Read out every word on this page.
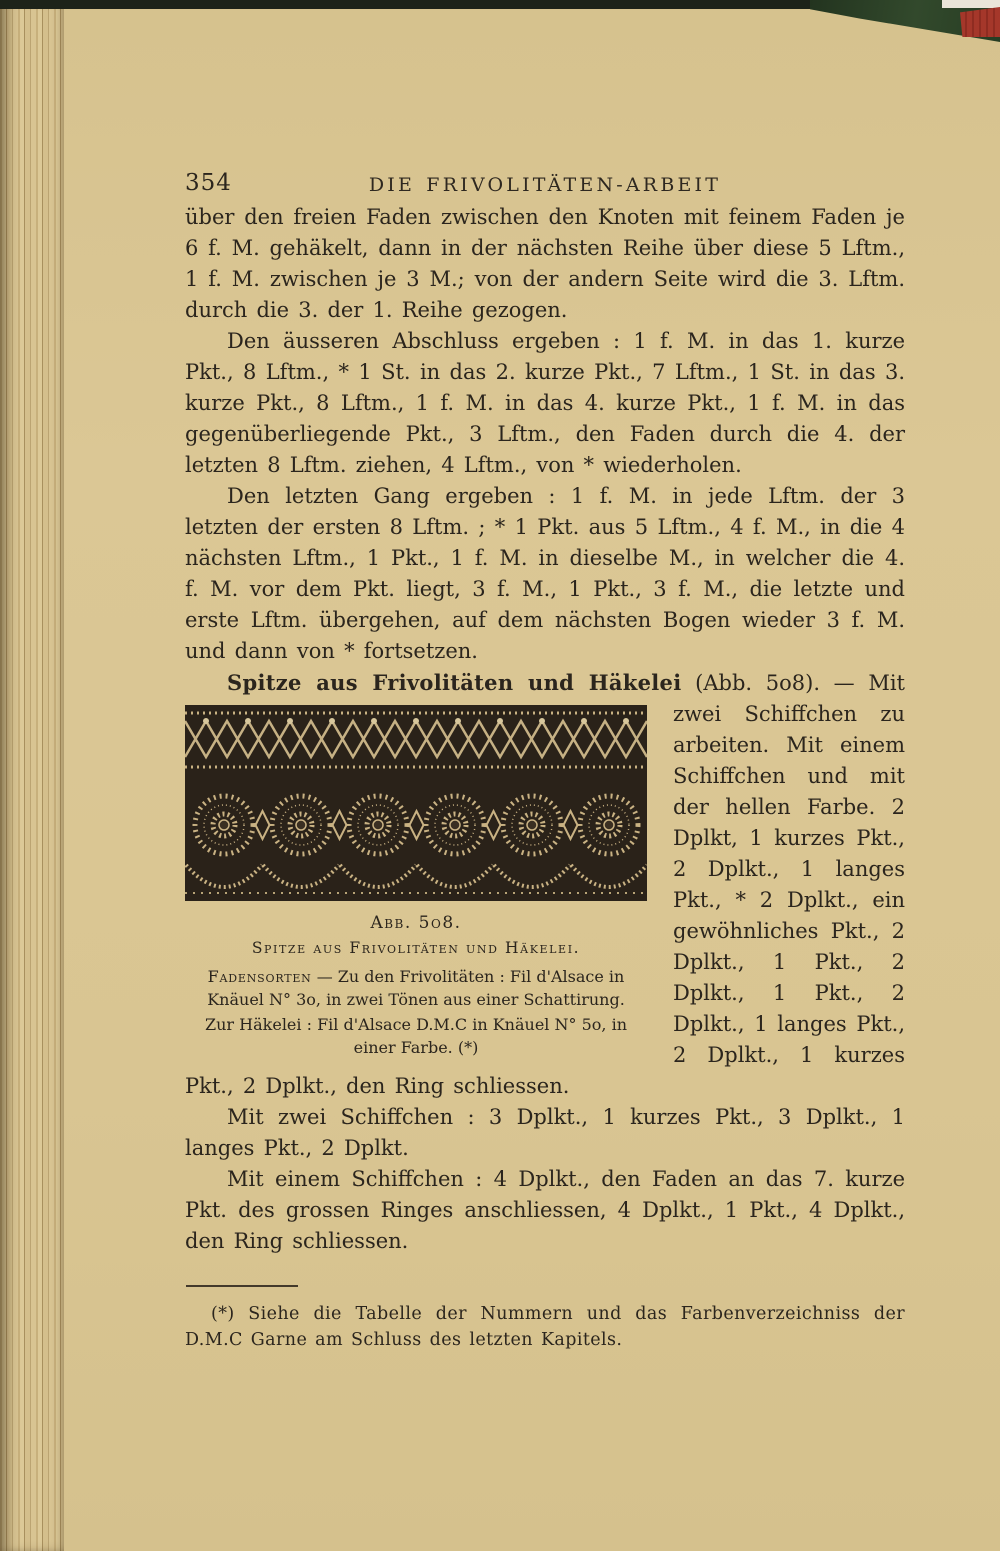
354	DIE FRIVOLITÄTEN-ARBEIT

über den freien Faden zwischen den Knoten mit feinem Faden je 6 f. M. gehäkelt, dann in der nächsten Reihe über diese 5 Lftm., 1 f. M. zwischen je 3 M.; von der andern Seite wird die 3. Lftm. durch die 3. der 1. Reihe gezogen.

Den äusseren Abschluss ergeben : 1 f. M. in das 1. kurze Pkt., 8 Lftm., * 1 St. in das 2. kurze Pkt., 7 Lftm., 1 St. in das 3. kurze Pkt., 8 Lftm., 1 f. M. in das 4. kurze Pkt., 1 f. M. in das gegenüberliegende Pkt., 3 Lftm., den Faden durch die 4. der letzten 8 Lftm. ziehen, 4 Lftm., von * wiederholen.

Den letzten Gang ergeben : 1 f. M. in jede Lftm. der 3 letzten der ersten 8 Lftm. ; * 1 Pkt. aus 5 Lftm., 4 f. M., in die 4 nächsten Lftm., 1 Pkt., 1 f. M. in dieselbe M., in welcher die 4. f. M. vor dem Pkt. liegt, 3 f. M., 1 Pkt., 3 f. M., die letzte und erste Lftm. übergehen, auf dem nächsten Bogen wieder 3 f. M. und dann von * fortsetzen.

Spitze aus Frivolitäten und Häkelei (Abb. 5o8). — Mit

Abb. 5o8.
Spitze aus Frivolitäten und Häkelei.
Fadensorten — Zu den Frivolitäten : Fil d'Alsace in Knäuel N° 3o, in zwei Tönen aus einer Schattirung.
Zur Häkelei : Fil d'Alsace D.M.C in Knäuel N° 5o, in einer Farbe. (*)

zwei Schiffchen zu arbeiten. Mit einem Schiffchen und mit der hellen Farbe. 2 Dplkt, 1 kurzes Pkt., 2 Dplkt., 1 langes Pkt., * 2 Dplkt., ein gewöhnliches Pkt., 2 Dplkt., 1 Pkt., 2 Dplkt., 1 Pkt., 2 Dplkt., 1 langes Pkt., 2 Dplkt., 1 kurzes Pkt., 2 Dplkt., den Ring schliessen.

Mit zwei Schiffchen : 3 Dplkt., 1 kurzes Pkt., 3 Dplkt., 1 langes Pkt., 2 Dplkt.

Mit einem Schiffchen : 4 Dplkt., den Faden an das 7. kurze Pkt. des grossen Ringes anschliessen, 4 Dplkt., 1 Pkt., 4 Dplkt., den Ring schliessen.

(*) Siehe die Tabelle der Nummern und das Farbenverzeichniss der D.M.C Garne am Schluss des letzten Kapitels.
